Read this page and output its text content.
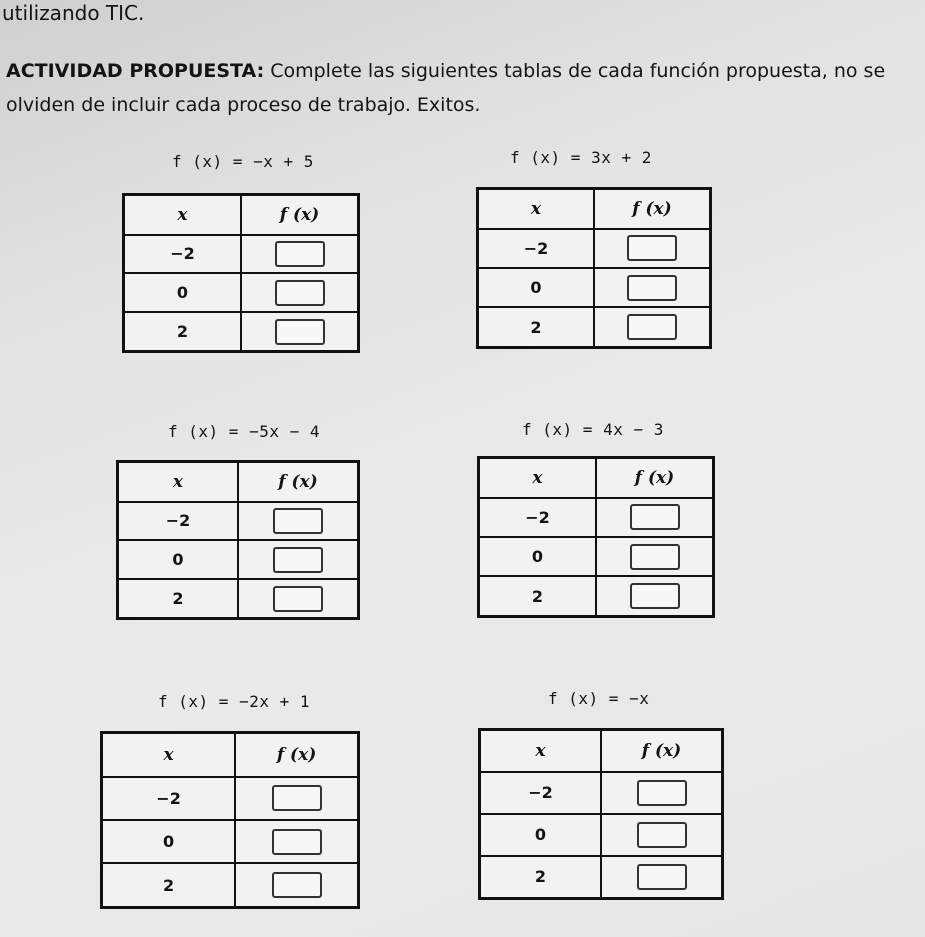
utilizando TIC.
ACTIVIDAD PROPUESTA: Complete las siguientes tablas de cada función propuesta, no se olviden de incluir cada proceso de trabajo. Exitos.
f (x) = −x + 5
x	f (x)
−2	
0	
2	
f (x) = 3x + 2
x	f (x)
−2	
0	
2	
f (x) = −5x − 4
x	f (x)
−2	
0	
2	
f (x) = 4x − 3
x	f (x)
−2	
0	
2	
f (x) = −2x + 1
x	f (x)
−2	
0	
2	
f (x) = −x
x	f (x)
−2	
0	
2	
